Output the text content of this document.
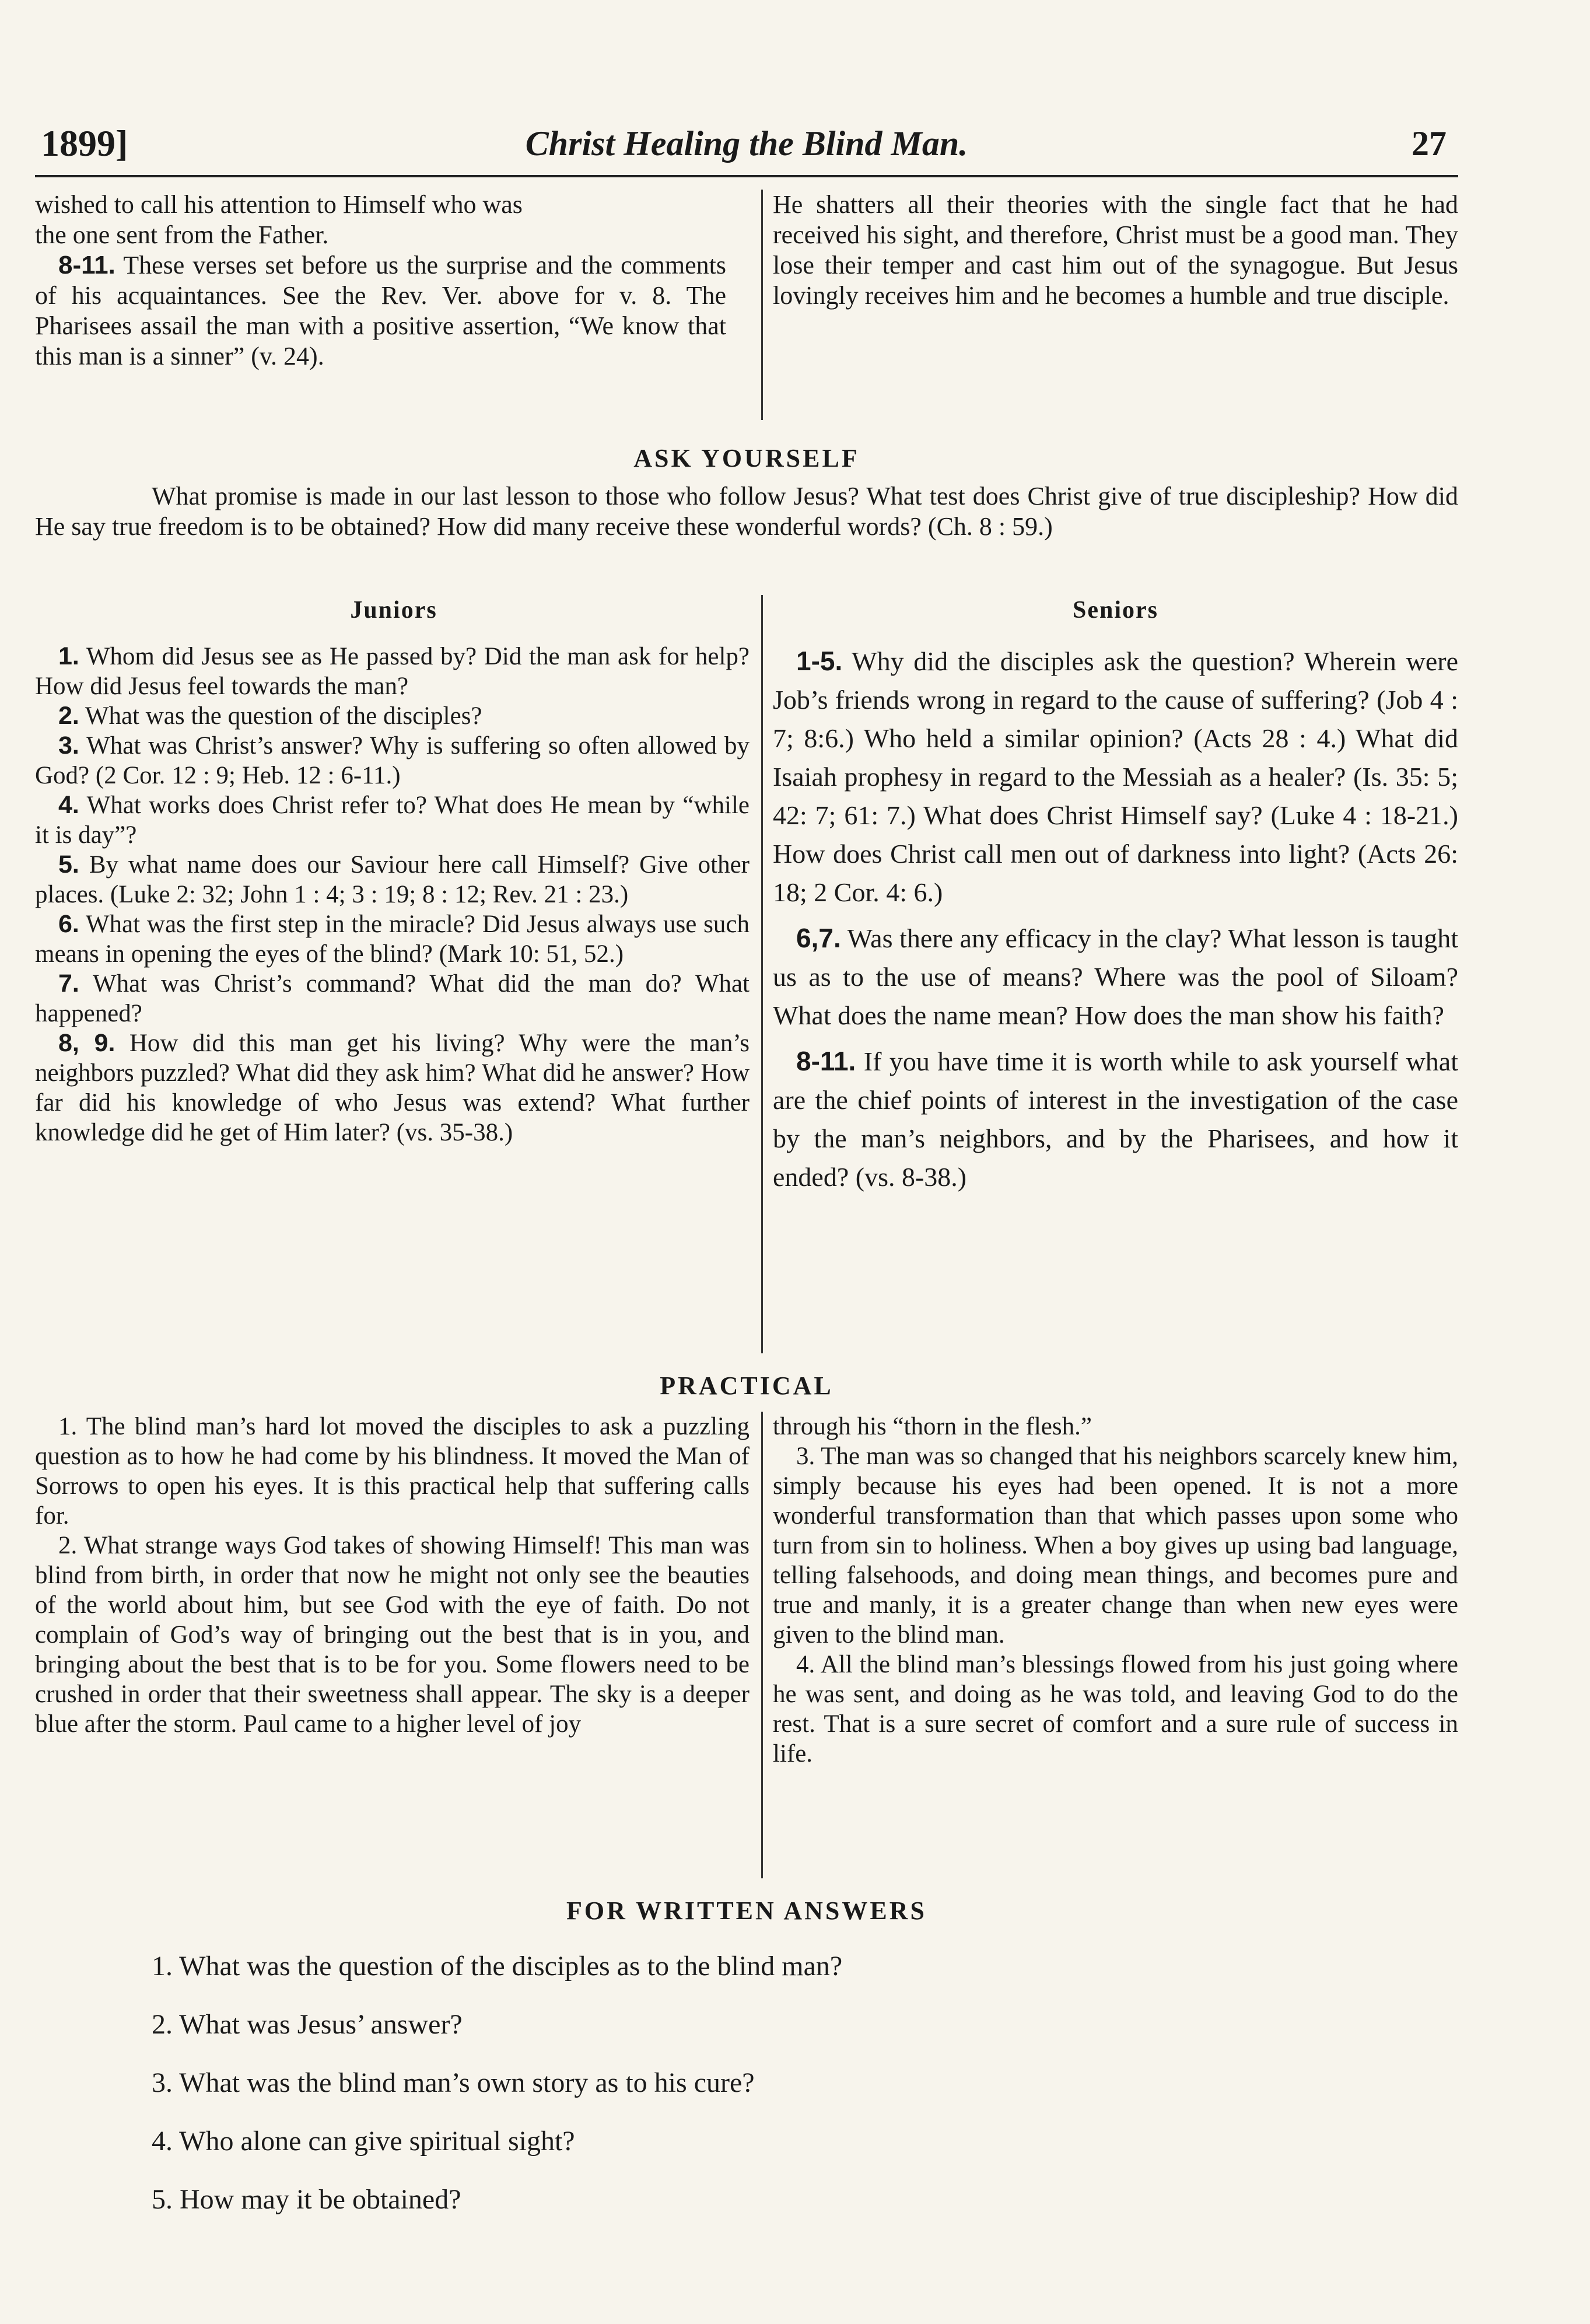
1899]	Christ Healing the Blind Man.	27

wished to call his attention to Himself who was

the one sent from the Father.

8-11. These verses set before us the surprise and the comments of his acquaintances. See the Rev. Ver. above for v. 8. The Pharisees assail the man with a positive assertion, “We know that this man is a sinner” (v. 24).

He shatters all their theories with the single fact that he had received his sight, and therefore, Christ must be a good man. They lose their temper and cast him out of the synagogue. But Jesus lovingly receives him and he becomes a humble and true disciple.

ASK YOURSELF
What promise is made in our last lesson to those who follow Jesus? What test does Christ give of true discipleship? How did He say true freedom is to be obtained? How did many receive these wonderful words? (Ch. 8 : 59.)
Juniors	Seniors

1. Whom did Jesus see as He passed by? Did the man ask for help? How did Jesus feel towards the man?

2. What was the question of the disciples?

3. What was Christ’s answer? Why is suffering so often allowed by God? (2 Cor. 12 : 9; Heb. 12 : 6-11.)

4. What works does Christ refer to? What does He mean by “while it is day”?

5. By what name does our Saviour here call Himself? Give other places. (Luke 2: 32; John 1 : 4; 3 : 19; 8 : 12; Rev. 21 : 23.)

6. What was the first step in the miracle? Did Jesus always use such means in opening the eyes of the blind? (Mark 10: 51, 52.)

7. What was Christ’s command? What did the man do? What happened?

8, 9. How did this man get his living? Why were the man’s neighbors puzzled? What did they ask him? What did he answer? How far did his knowledge of who Jesus was extend? What further knowledge did he get of Him later? (vs. 35-38.)

1-5. Why did the disciples ask the question? Wherein were Job’s friends wrong in regard to the cause of suffering? (Job 4 : 7; 8:6.) Who held a similar opinion? (Acts 28 : 4.) What did Isaiah prophesy in regard to the Messiah as a healer? (Is. 35: 5; 42: 7; 61: 7.) What does Christ Himself say? (Luke 4 : 18-21.) How does Christ call men out of darkness into light? (Acts 26: 18; 2 Cor. 4: 6.)

6,7. Was there any efficacy in the clay? What lesson is taught us as to the use of means? Where was the pool of Siloam? What does the name mean? How does the man show his faith?

8-11. If you have time it is worth while to ask yourself what are the chief points of interest in the investigation of the case by the man’s neighbors, and by the Pharisees, and how it ended? (vs. 8-38.)

PRACTICAL

1. The blind man’s hard lot moved the disciples to ask a puzzling question as to how he had come by his blindness. It moved the Man of Sorrows to open his eyes. It is this practical help that suffering calls for.

2. What strange ways God takes of showing Himself! This man was blind from birth, in order that now he might not only see the beauties of the world about him, but see God with the eye of faith. Do not complain of God’s way of bringing out the best that is in you, and bringing about the best that is to be for you. Some flowers need to be crushed in order that their sweetness shall appear. The sky is a deeper blue after the storm. Paul came to a higher level of joy

through his “thorn in the flesh.”

3. The man was so changed that his neighbors scarcely knew him, simply because his eyes had been opened. It is not a more wonderful transformation than that which passes upon some who turn from sin to holiness. When a boy gives up using bad language, telling falsehoods, and doing mean things, and becomes pure and true and manly, it is a greater change than when new eyes were given to the blind man.

4. All the blind man’s blessings flowed from his just going where he was sent, and doing as he was told, and leaving God to do the rest. That is a sure secret of comfort and a sure rule of success in life.

FOR WRITTEN ANSWERS
1. What was the question of the disciples as to the blind man?
2. What was Jesus’ answer?
3. What was the blind man’s own story as to his cure?
4. Who alone can give spiritual sight?
5. How may it be obtained?
